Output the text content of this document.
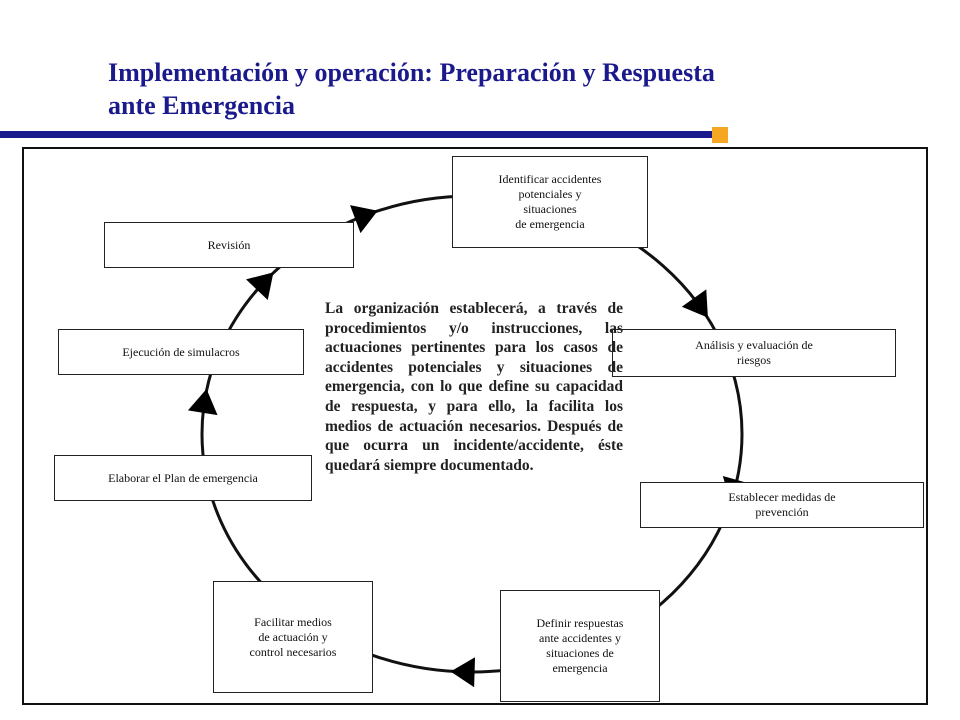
Implementación y operación: Preparación y Respuesta ante Emergencia
Identificar accidentes
potenciales y
situaciones
de emergencia
Análisis y evaluación de
riesgos
Establecer medidas de
prevención
Definir respuestas
ante accidentes y
situaciones de
emergencia
Facilitar medios
de actuación y
control necesarios
Elaborar el Plan de emergencia
Ejecución de simulacros
Revisión
La organización establecerá, a través de procedimientos y/o instrucciones, las actuaciones pertinentes para los casos de accidentes potenciales y situaciones de emergencia, con lo que define su capacidad de respuesta, y para ello, la facilita los medios de actuación necesarios. Después de que ocurra un incidente/accidente, éste quedará siempre documentado.
